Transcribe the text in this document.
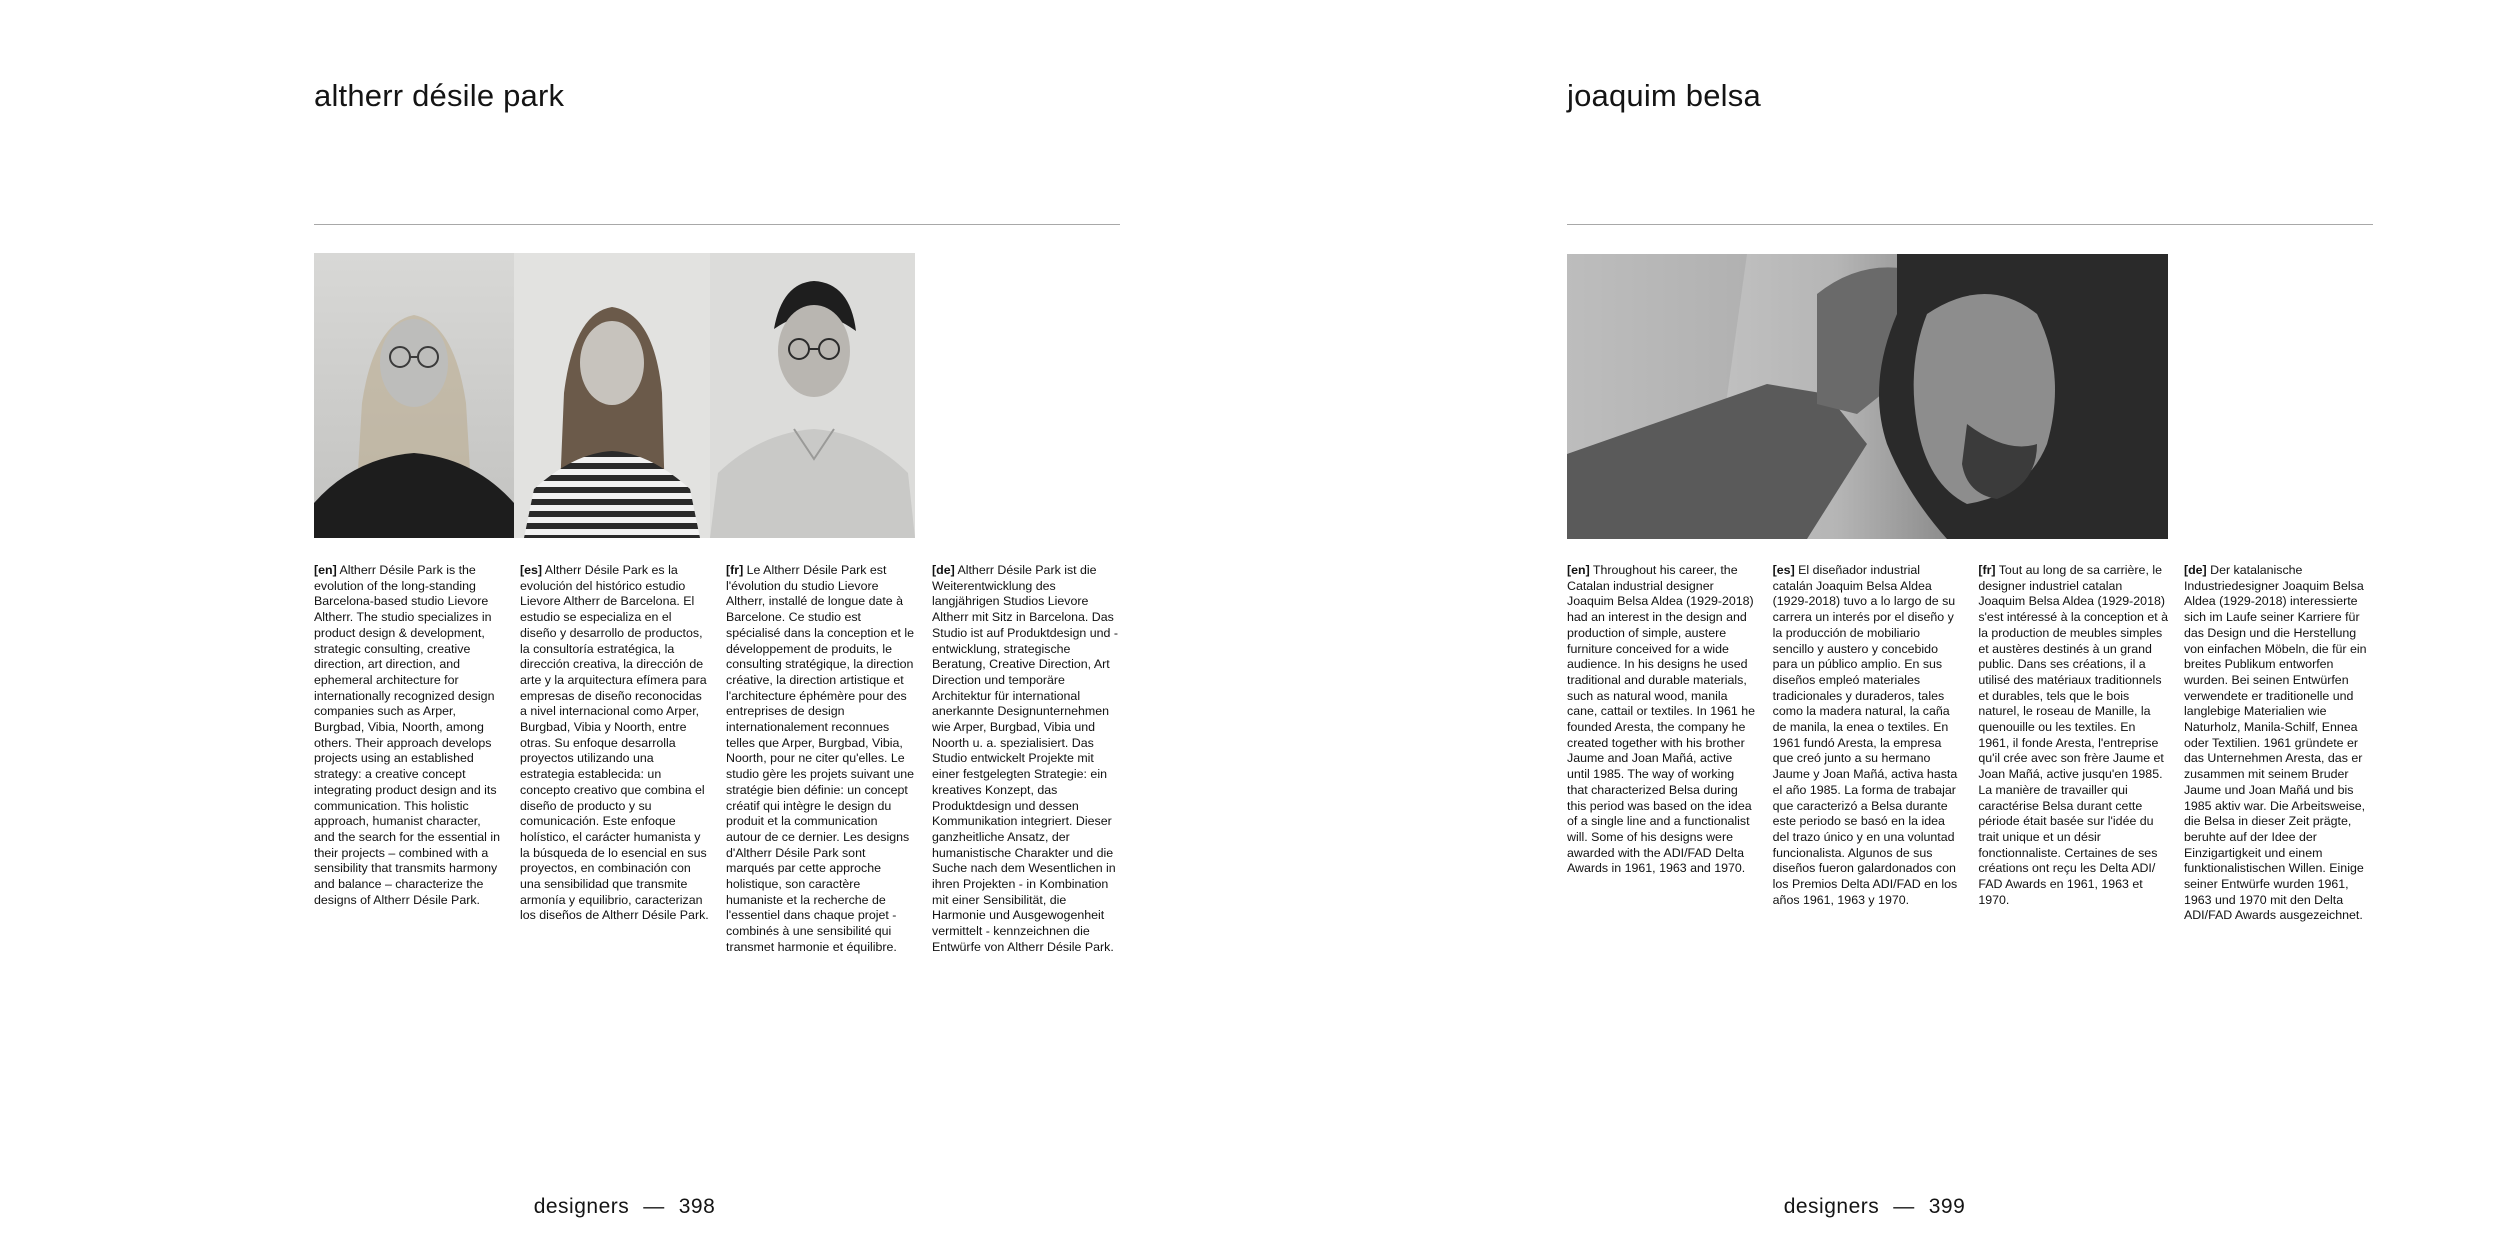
altherr désile park

[en] Altherr Désile Park is the evolution of the long-standing Barcelona-based studio Lievore Altherr. The studio specializes in product design & development, strategic consulting, creative direction, art direction, and ephemeral architecture for internationally recognized design companies such as Arper, Burgbad, Vibia, Noorth, among others. Their approach develops projects using an established strategy: a creative concept integrating product design and its communication. This holistic approach, humanist character, and the search for the essential in their projects – combined with a sensibility that transmits harmony and balance – characterize the designs of Altherr Désile Park.

[es] Altherr Désile Park es la evolución del histórico estudio Lievore Altherr de Barcelona. El estudio se especializa en el diseño y desarrollo de productos, la consultoría estratégica, la dirección creativa, la dirección de arte y la arquitectura efímera para empresas de diseño reconocidas a nivel internacional como Arper, Burgbad, Vibia y Noorth, entre otras. Su enfoque desarrolla proyectos utilizando una estrategia establecida: un concepto creativo que combina el diseño de producto y su comunicación. Este enfoque holístico, el carácter humanista y la búsqueda de lo esencial en sus proyectos, en combinación con una sensibilidad que transmite armonía y equilibrio, caracterizan los diseños de Altherr Désile Park.

[fr] Le Altherr Désile Park est l'évolution du studio Lievore Altherr, installé de longue date à Barcelone. Ce studio est spécialisé dans la conception et le développement de produits, le consulting stratégique, la direction créative, la direction artistique et l'architecture éphémère pour des entreprises de design internationalement reconnues telles que Arper, Burgbad, Vibia, Noorth, pour ne citer qu'elles. Le studio gère les projets suivant une stratégie bien définie: un concept créatif qui intègre le design du produit et la communication autour de ce dernier. Les designs d'Altherr Désile Park sont marqués par cette approche holistique, son caractère humaniste et la recherche de l'essentiel dans chaque projet - combinés à une sensibilité qui transmet harmonie et équilibre.

[de] Altherr Désile Park ist die Weiterentwicklung des langjährigen Studios Lievore Altherr mit Sitz in Barcelona. Das Studio ist auf Produktdesign und -entwicklung, strategische Beratung, Creative Direction, Art Direction und temporäre Architektur für international anerkannte Designunternehmen wie Arper, Burgbad, Vibia und Noorth u. a. spezialisiert. Das Studio entwickelt Projekte mit einer festgelegten Strategie: ein kreatives Konzept, das Produktdesign und dessen Kommunikation integriert. Dieser ganzheitliche Ansatz, der humanistische Charakter und die Suche nach dem Wesentlichen in ihren Projekten - in Kombination mit einer Sensibilität, die Harmonie und Ausgewogenheit vermittelt - kennzeichnen die Entwürfe von Altherr Désile Park.

designers — 398
joaquim belsa

[en] Throughout his career, the Catalan industrial designer Joaquim Belsa Aldea (1929-2018) had an interest in the design and production of simple, austere furniture conceived for a wide audience. In his designs he used traditional and durable materials, such as natural wood, manila cane, cattail or textiles. In 1961 he founded Aresta, the company he created together with his brother Jaume and Joan Mañá, active until 1985. The way of working that characterized Belsa during this period was based on the idea of a single line and a functionalist will. Some of his designs were awarded with the ADI/FAD Delta Awards in 1961, 1963 and 1970.

[es] El diseñador industrial catalán Joaquim Belsa Aldea (1929-2018) tuvo a lo largo de su carrera un interés por el diseño y la producción de mobiliario sencillo y austero y concebido para un público amplio. En sus diseños empleó materiales tradicionales y duraderos, tales como la madera natural, la caña de manila, la enea o textiles. En 1961 fundó Aresta, la empresa que creó junto a su hermano Jaume y Joan Mañá, activa hasta el año 1985. La forma de trabajar que caracterizó a Belsa durante este periodo se basó en la idea del trazo único y en una voluntad funcionalista. Algunos de sus diseños fueron galardonados con los Premios Delta ADI/FAD en los años 1961, 1963 y 1970.

[fr] Tout au long de sa carrière, le designer industriel catalan Joaquim Belsa Aldea (1929-2018) s'est intéressé à la conception et à la production de meubles simples et austères destinés à un grand public. Dans ses créations, il a utilisé des matériaux traditionnels et durables, tels que le bois naturel, le roseau de Manille, la quenouille ou les textiles. En 1961, il fonde Aresta, l'entreprise qu'il crée avec son frère Jaume et Joan Mañá, active jusqu'en 1985. La manière de travailler qui caractérise Belsa durant cette période était basée sur l'idée du trait unique et un désir fonctionnaliste. Certaines de ses créations ont reçu les Delta ADI/ FAD Awards en 1961, 1963 et 1970.

[de] Der katalanische Industriedesigner Joaquim Belsa Aldea (1929-2018) interessierte sich im Laufe seiner Karriere für das Design und die Herstellung von einfachen Möbeln, die für ein breites Publikum entworfen wurden. Bei seinen Entwürfen verwendete er traditionelle und langlebige Materialien wie Naturholz, Manila-Schilf, Ennea oder Textilien. 1961 gründete er das Unternehmen Aresta, das er zusammen mit seinem Bruder Jaume und Joan Mañá und bis 1985 aktiv war. Die Arbeitsweise, die Belsa in dieser Zeit prägte, beruhte auf der Idee der Einzigartigkeit und einem funktionalistischen Willen. Einige seiner Entwürfe wurden 1961, 1963 und 1970 mit den Delta ADI/FAD Awards ausgezeichnet.

designers — 399
